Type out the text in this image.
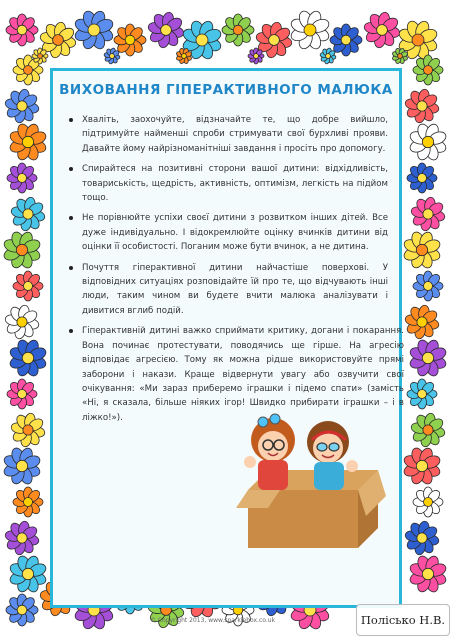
ВИХОВАННЯ ГІПЕРАКТИВНОГО МАЛЮКА
Хваліть, заохочуйте, відзначайте те, що добре вийшло, підтримуйте найменші спроби стримувати свої бурхливі прояви. Давайте йому найрізноманітніші завдання і просіть про допомогу.
Спирайтеся на позитивні сторони вашої дитини: відхідливість, товариськість, щедрість, активність, оптимізм, легкість на підйом тощо.
Не порівнюйте успіхи своєї дитини з розвитком інших дітей. Все дуже індивідуально. І відокремлюйте оцінку вчинків дитини від оцінки її особистості. Поганим може бути вчинок, а не дитина.
Почуття гіперактивної дитини найчастіше поверхові. У відповідних ситуаціях розповідайте їй про те, що відчувають інші люди, таким чином ви будете вчити малюка аналізувати і дивитися вглиб подій.
Гіперактивній дитині важко сприймати критику, догани і покарання. Вона починає протестувати, поводячись ще гірше. На агресію відповідає агресією. Тому як можна рідше використовуйте прямі заборони і накази. Краще відвернути увагу або озвучити свої очікування: «Ми зараз приберемо іграшки і підемо спати» (замість «Ні, я сказала, більше ніяких ігор! Швидко прибирати іграшки – і в ліжко!»).
© Copyright 2013, www.sparklebox.co.uk	Полісько Н.В.
